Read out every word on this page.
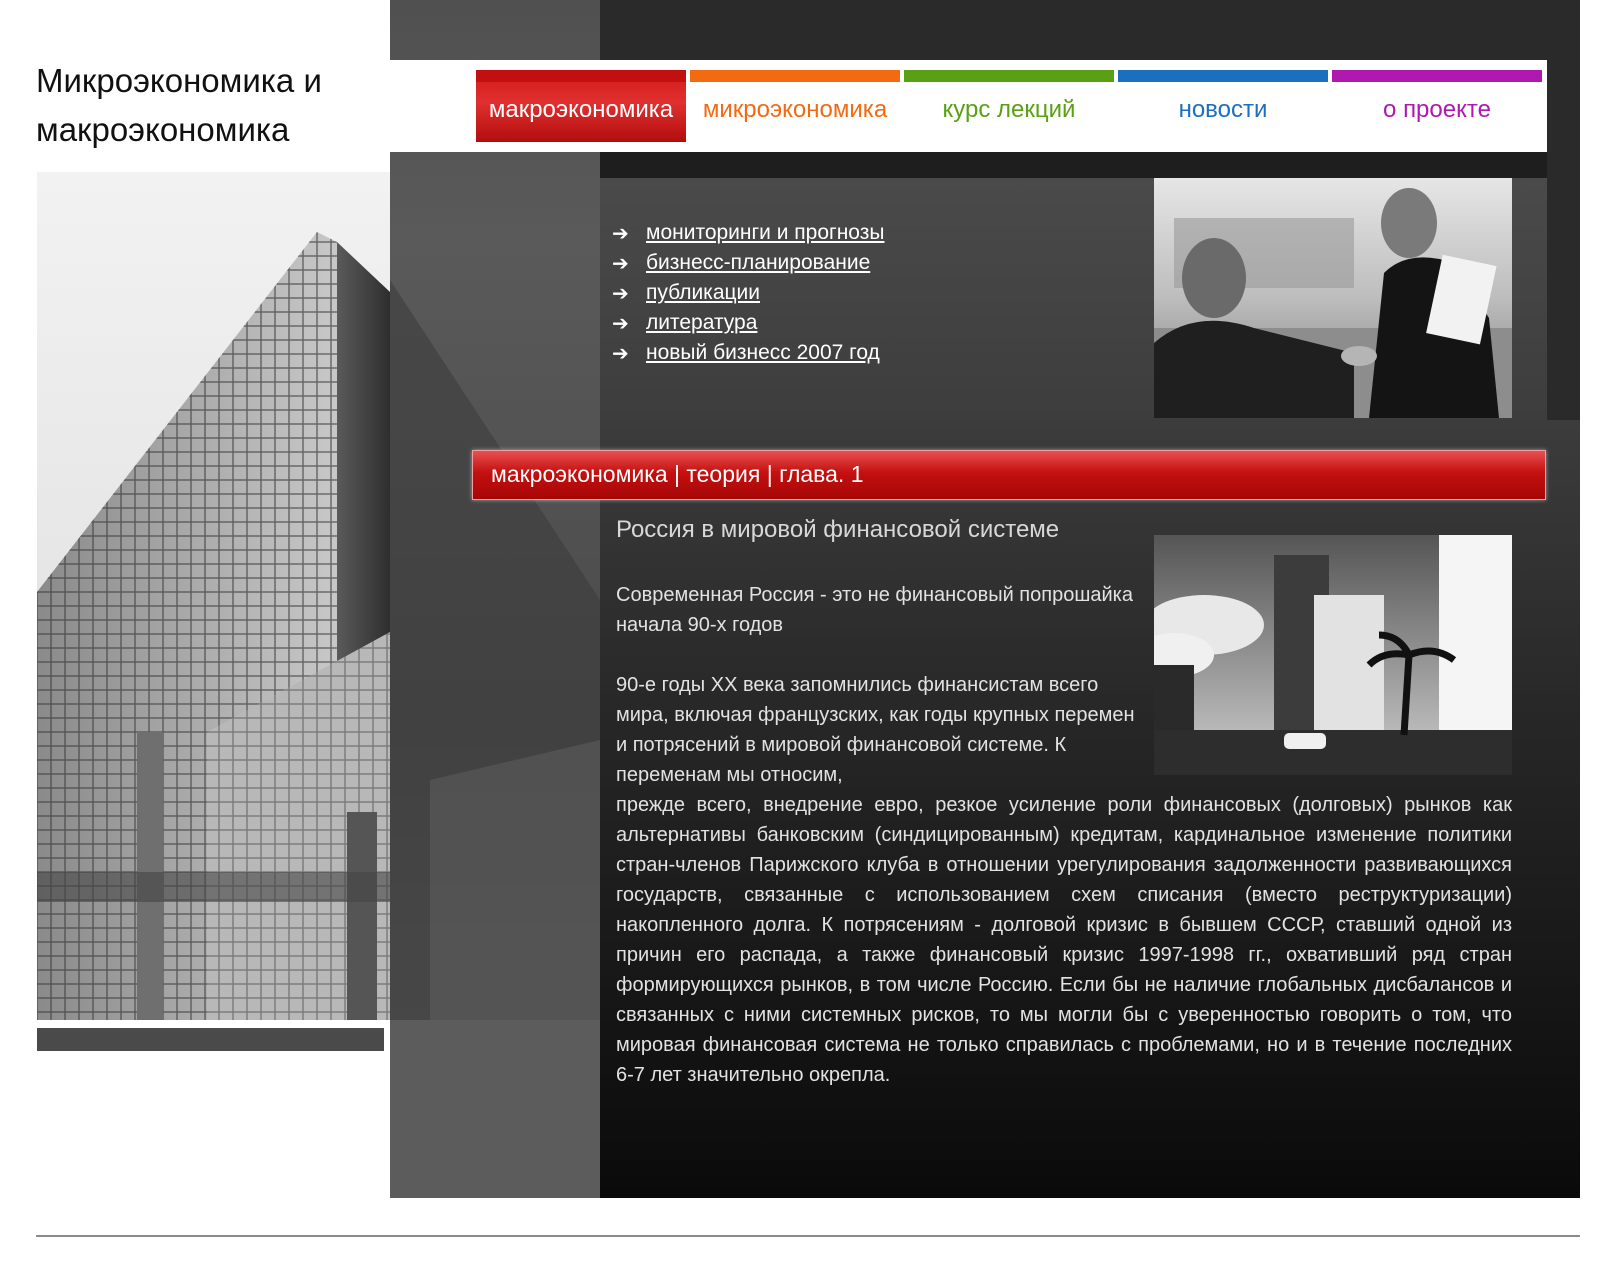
Микроэкономика и макроэкономика
макроэкономика	микроэкономика	курс лекций	новости	о проекте
➔ мониторинги и прогнозы
➔ бизнесс-планирование
➔ публикации
➔ литература
➔ новый бизнесс 2007 год
макроэкономика | теория | глава. 1
Россия в мировой финансовой системе

Современная Россия - это не финансовый попрошайка начала 90-х годов

90-е годы XX века запомнились финансистам всего мира, включая французских, как годы крупных перемен и потрясений в мировой финансовой системе. К переменам мы относим,

прежде всего, внедрение евро, резкое усиление роли финансовых (долговых) рынков как альтернативы банковским (синдицированным) кредитам, кардинальное изменение политики стран-членов Парижского клуба в отношении урегулирования задолженности развивающихся государств, связанные с использованием схем списания (вместо реструктуризации) накопленного долга. К потрясениям - долговой кризис в бывшем СССР, ставший одной из причин его распада, а также финансовый кризис 1997-1998 гг., охвативший ряд стран формирующихся рынков, в том числе Россию. Если бы не наличие глобальных дисбалансов и связанных с ними системных рисков, то мы могли бы с уверенностью говорить о том, что мировая финансовая система не только справилась с проблемами, но и в течение последних 6-7 лет значительно окрепла.
